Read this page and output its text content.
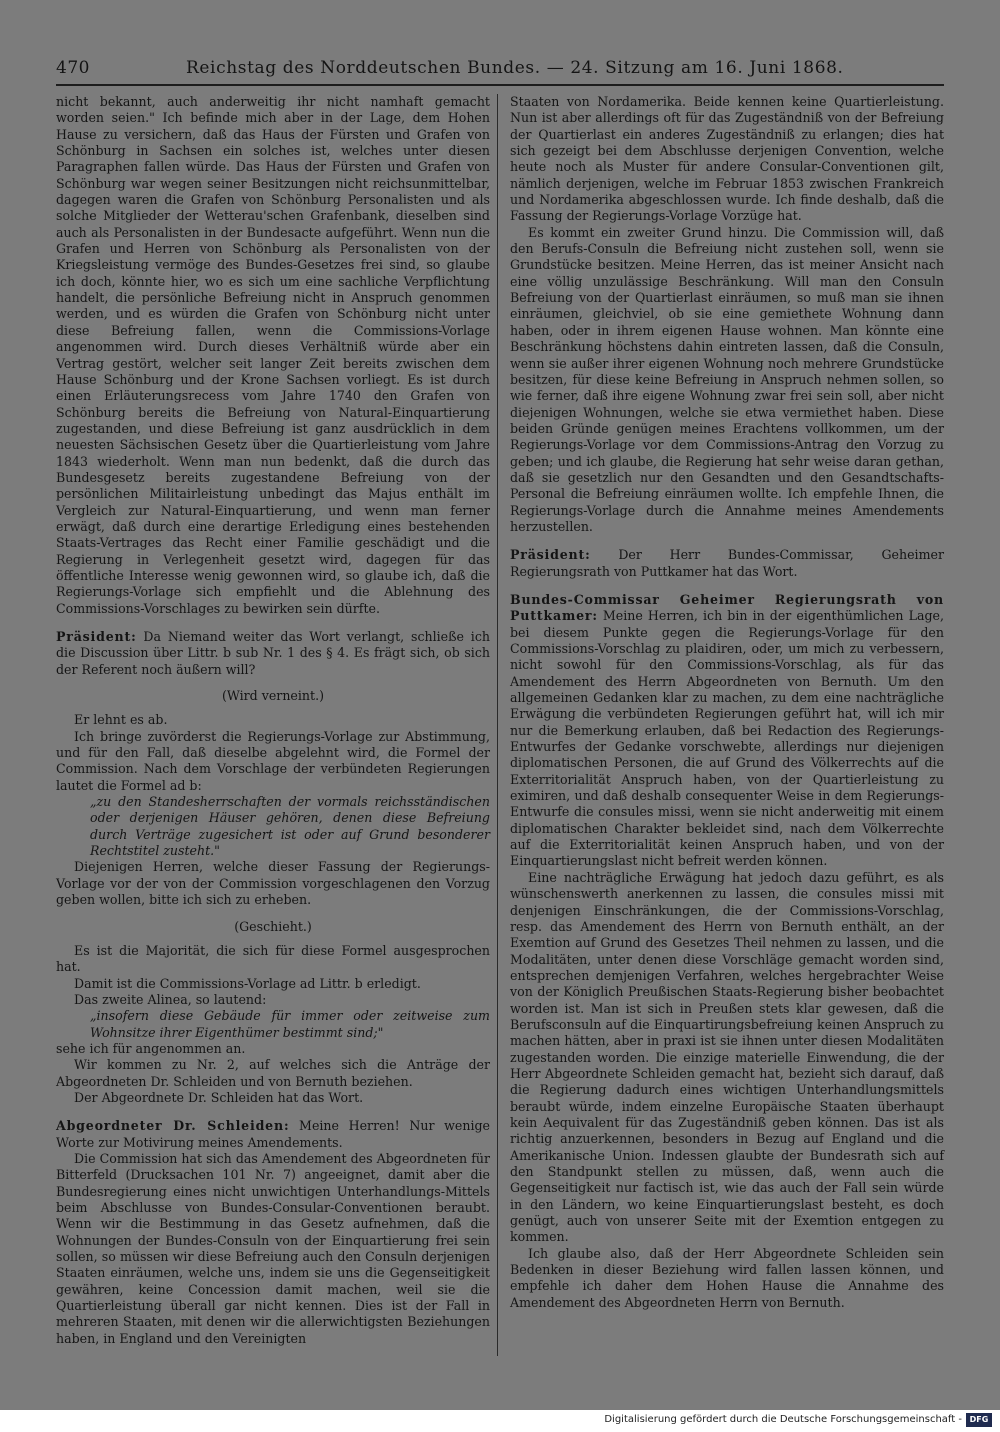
470	Reichstag des Norddeutschen Bundes. — 24. Sitzung am 16. Juni 1868.

nicht bekannt, auch anderweitig ihr nicht namhaft gemacht worden seien." Ich befinde mich aber in der Lage, dem Hohen Hause zu versichern, daß das Haus der Fürsten und Grafen von Schönburg in Sachsen ein solches ist, welches unter diesen Paragraphen fallen würde. Das Haus der Fürsten und Grafen von Schönburg war wegen seiner Besitzungen nicht reichsunmittelbar, dagegen waren die Grafen von Schönburg Personalisten und als solche Mitglieder der Wetterau'schen Grafenbank, dieselben sind auch als Personalisten in der Bundesacte aufgeführt. Wenn nun die Grafen und Herren von Schönburg als Personalisten von der Kriegsleistung vermöge des Bundes-Gesetzes frei sind, so glaube ich doch, könnte hier, wo es sich um eine sachliche Verpflichtung handelt, die persönliche Befreiung nicht in Anspruch genommen werden, und es würden die Grafen von Schönburg nicht unter diese Befreiung fallen, wenn die Commissions-Vorlage angenommen wird. Durch dieses Verhältniß würde aber ein Vertrag gestört, welcher seit langer Zeit bereits zwischen dem Hause Schönburg und der Krone Sachsen vorliegt. Es ist durch einen Erläuterungsrecess vom Jahre 1740 den Grafen von Schönburg bereits die Befreiung von Natural-Einquartierung zugestanden, und diese Befreiung ist ganz ausdrücklich in dem neuesten Sächsischen Gesetz über die Quartierleistung vom Jahre 1843 wiederholt. Wenn man nun bedenkt, daß die durch das Bundesgesetz bereits zugestandene Befreiung von der persönlichen Militairleistung unbedingt das Majus enthält im Vergleich zur Natural-Einquartierung, und wenn man ferner erwägt, daß durch eine derartige Erledigung eines bestehenden Staats-Vertrages das Recht einer Familie geschädigt und die Regierung in Verlegenheit gesetzt wird, dagegen für das öffentliche Interesse wenig gewonnen wird, so glaube ich, daß die Regierungs-Vorlage sich empfiehlt und die Ablehnung des Commissions-Vorschlages zu bewirken sein dürfte.

Präsident: Da Niemand weiter das Wort verlangt, schließe ich die Discussion über Littr. b sub Nr. 1 des § 4. Es frägt sich, ob sich der Referent noch äußern will?

(Wird verneint.)

Er lehnt es ab.

Ich bringe zuvörderst die Regierungs-Vorlage zur Abstimmung, und für den Fall, daß dieselbe abgelehnt wird, die Formel der Commission. Nach dem Vorschlage der verbündeten Regierungen lautet die Formel ad b:

„zu den Standesherrschaften der vormals reichsständischen oder derjenigen Häuser gehören, denen diese Befreiung durch Verträge zugesichert ist oder auf Grund besonderer Rechtstitel zusteht."

Diejenigen Herren, welche dieser Fassung der Regierungs-Vorlage vor der von der Commission vorgeschlagenen den Vorzug geben wollen, bitte ich sich zu erheben.

(Geschieht.)

Es ist die Majorität, die sich für diese Formel ausgesprochen hat.

Damit ist die Commissions-Vorlage ad Littr. b erledigt.

Das zweite Alinea, so lautend:

„insofern diese Gebäude für immer oder zeitweise zum Wohnsitze ihrer Eigenthümer bestimmt sind;"

sehe ich für angenommen an.

Wir kommen zu Nr. 2, auf welches sich die Anträge der Abgeordneten Dr. Schleiden und von Bernuth beziehen.

Der Abgeordnete Dr. Schleiden hat das Wort.

Abgeordneter Dr. Schleiden: Meine Herren! Nur wenige Worte zur Motivirung meines Amendements.

Die Commission hat sich das Amendement des Abgeordneten für Bitterfeld (Drucksachen 101 Nr. 7) angeeignet, damit aber die Bundesregierung eines nicht unwichtigen Unterhandlungs-Mittels beim Abschlusse von Bundes-Consular-Conventionen beraubt. Wenn wir die Bestimmung in das Gesetz aufnehmen, daß die Wohnungen der Bundes-Consuln von der Einquartierung frei sein sollen, so müssen wir diese Befreiung auch den Consuln derjenigen Staaten einräumen, welche uns, indem sie uns die Gegenseitigkeit gewähren, keine Concession damit machen, weil sie die Quartierleistung überall gar nicht kennen. Dies ist der Fall in mehreren Staaten, mit denen wir die allerwichtigsten Beziehungen haben, in England und den Vereinigten

Staaten von Nordamerika. Beide kennen keine Quartierleistung. Nun ist aber allerdings oft für das Zugeständniß von der Befreiung der Quartierlast ein anderes Zugeständniß zu erlangen; dies hat sich gezeigt bei dem Abschlusse derjenigen Convention, welche heute noch als Muster für andere Consular-Conventionen gilt, nämlich derjenigen, welche im Februar 1853 zwischen Frankreich und Nordamerika abgeschlossen wurde. Ich finde deshalb, daß die Fassung der Regierungs-Vorlage Vorzüge hat.

Es kommt ein zweiter Grund hinzu. Die Commission will, daß den Berufs-Consuln die Befreiung nicht zustehen soll, wenn sie Grundstücke besitzen. Meine Herren, das ist meiner Ansicht nach eine völlig unzulässige Beschränkung. Will man den Consuln Befreiung von der Quartierlast einräumen, so muß man sie ihnen einräumen, gleichviel, ob sie eine gemiethete Wohnung dann haben, oder in ihrem eigenen Hause wohnen. Man könnte eine Beschränkung höchstens dahin eintreten lassen, daß die Consuln, wenn sie außer ihrer eigenen Wohnung noch mehrere Grundstücke besitzen, für diese keine Befreiung in Anspruch nehmen sollen, so wie ferner, daß ihre eigene Wohnung zwar frei sein soll, aber nicht diejenigen Wohnungen, welche sie etwa vermiethet haben. Diese beiden Gründe genügen meines Erachtens vollkommen, um der Regierungs-Vorlage vor dem Commissions-Antrag den Vorzug zu geben; und ich glaube, die Regierung hat sehr weise daran gethan, daß sie gesetzlich nur den Gesandten und den Gesandtschafts-Personal die Befreiung einräumen wollte. Ich empfehle Ihnen, die Regierungs-Vorlage durch die Annahme meines Amendements herzustellen.

Präsident: Der Herr Bundes-Commissar, Geheimer Regierungsrath von Puttkamer hat das Wort.

Bundes-Commissar Geheimer Regierungsrath von Puttkamer: Meine Herren, ich bin in der eigenthümlichen Lage, bei diesem Punkte gegen die Regierungs-Vorlage für den Commissions-Vorschlag zu plaidiren, oder, um mich zu verbessern, nicht sowohl für den Commissions-Vorschlag, als für das Amendement des Herrn Abgeordneten von Bernuth. Um den allgemeinen Gedanken klar zu machen, zu dem eine nachträgliche Erwägung die verbündeten Regierungen geführt hat, will ich mir nur die Bemerkung erlauben, daß bei Redaction des Regierungs-Entwurfes der Gedanke vorschwebte, allerdings nur diejenigen diplomatischen Personen, die auf Grund des Völkerrechts auf die Exterritorialität Anspruch haben, von der Quartierleistung zu eximiren, und daß deshalb consequenter Weise in dem Regierungs-Entwurfe die consules missi, wenn sie nicht anderweitig mit einem diplomatischen Charakter bekleidet sind, nach dem Völkerrechte auf die Exterritorialität keinen Anspruch haben, und von der Einquartierungslast nicht befreit werden können.

Eine nachträgliche Erwägung hat jedoch dazu geführt, es als wünschenswerth anerkennen zu lassen, die consules missi mit denjenigen Einschränkungen, die der Commissions-Vorschlag, resp. das Amendement des Herrn von Bernuth enthält, an der Exemtion auf Grund des Gesetzes Theil nehmen zu lassen, und die Modalitäten, unter denen diese Vorschläge gemacht worden sind, entsprechen demjenigen Verfahren, welches hergebrachter Weise von der Königlich Preußischen Staats-Regierung bisher beobachtet worden ist. Man ist sich in Preußen stets klar gewesen, daß die Berufsconsuln auf die Einquartirungsbefreiung keinen Anspruch zu machen hätten, aber in praxi ist sie ihnen unter diesen Modalitäten zugestanden worden. Die einzige materielle Einwendung, die der Herr Abgeordnete Schleiden gemacht hat, bezieht sich darauf, daß die Regierung dadurch eines wichtigen Unterhandlungsmittels beraubt würde, indem einzelne Europäische Staaten überhaupt kein Aequivalent für das Zugeständniß geben können. Das ist als richtig anzuerkennen, besonders in Bezug auf England und die Amerikanische Union. Indessen glaubte der Bundesrath sich auf den Standpunkt stellen zu müssen, daß, wenn auch die Gegenseitigkeit nur factisch ist, wie das auch der Fall sein würde in den Ländern, wo keine Einquartierungslast besteht, es doch genügt, auch von unserer Seite mit der Exemtion entgegen zu kommen.

Ich glaube also, daß der Herr Abgeordnete Schleiden sein Bedenken in dieser Beziehung wird fallen lassen können, und empfehle ich daher dem Hohen Hause die Annahme des Amendement des Abgeordneten Herrn von Bernuth.

Digitalisierung gefördert durch die Deutsche Forschungsgemeinschaft - DFG
